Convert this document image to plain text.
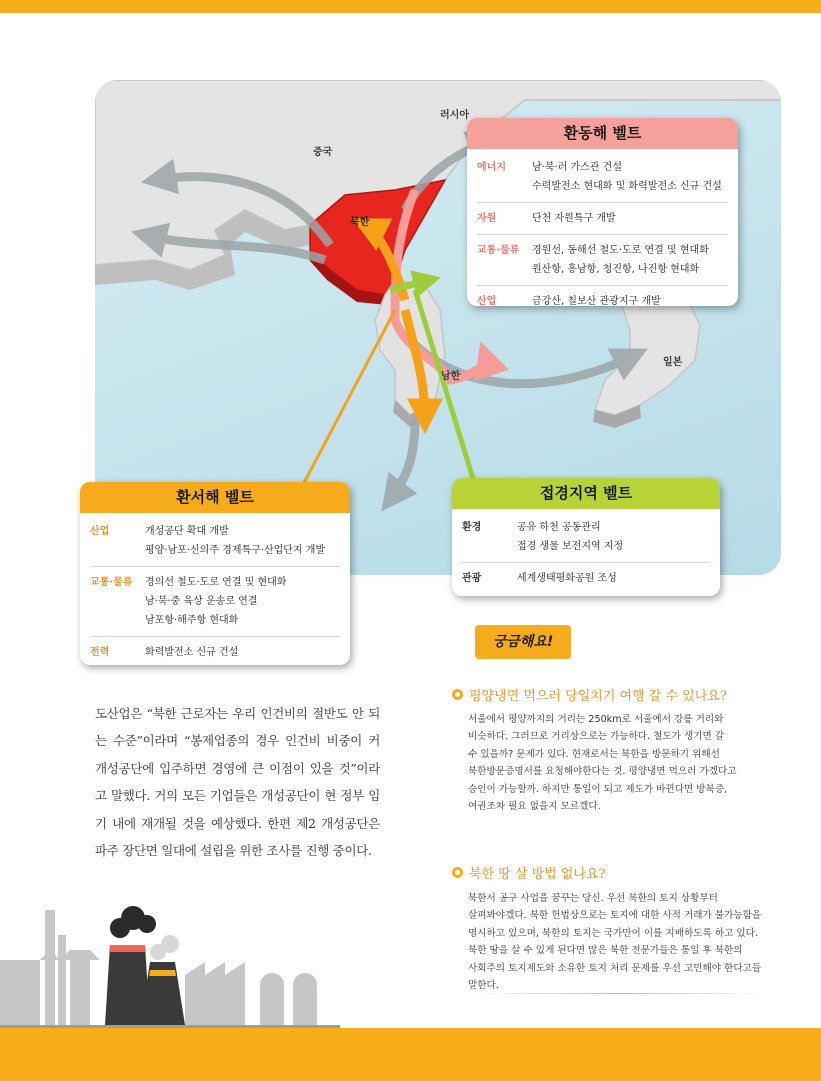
러시아
중국
북한
남한
일본
환동해 벨트
에너지	남·북·러 가스관 건설
수력발전소 현대화 및 화력발전소 신규 건설
자원	단천 자원특구 개발
교통·물류	경원선, 동해선 철도·도로 연결 및 현대화
원산항, 흥남항, 청진항, 나진항 현대화
산업	금강산, 칠보산 관광지구 개발
환서해 벨트
산업	개성공단 확대 개발
평양·남포·신의주 경제특구·산업단지 개발
교통·물류	경의선 철도·도로 연결 및 현대화
남·북·중 육상 운송로 연결
남포항·해주항 현대화
전력	화력발전소 신규 건설
접경지역 벨트
환경	공유 하천 공동관리
접경 생물 보전지역 지정
관광	세계생태평화공원 조성
도산업은 “북한 근로자는 우리 인건비의 절반도 안 되는 수준”이라며 “봉제업종의 경우 인건비 비중이 커 개성공단에 입주하면 경영에 큰 이점이 있을 것”이라고 말했다. 거의 모든 기업들은 개성공단이 현 정부 임기 내에 재개될 것을 예상했다. 한편 제2 개성공단은 파주 장단면 일대에 설립을 위한 조사를 진행 중이다.
궁금해요!
평양냉면 먹으러 당일치기 여행 갈 수 있나요?
서울에서 평양까지의 거리는 250km로 서울에서 강릉 거리와
비슷하다. 그러므로 거리상으로는 가능하다. 철도가 생기면 갈
수 있을까? 문제가 있다. 현재로서는 북한을 방문하기 위해선
북한방문증명서를 요청해야한다는 것. 평양냉면 먹으러 가겠다고
승인이 가능할까. 하지만 통일이 되고 제도가 바뀐다면 방북증,
여권조차 필요 없을지 모르겠다.
북한 땅 살 방법 없나요?
북한서 공구 사업을 꿈꾸는 당신. 우선 북한의 토지 상황부터
살펴봐야겠다. 북한 헌법상으로는 토지에 대한 사적 거래가 불가능함을
명시하고 있으며, 북한의 토지는 국가만이 이를 지배하도록 하고 있다.
북한 땅을 살 수 있게 된다면 많은 북한 전문가들은 통일 후 북한의
사회주의 토지제도와 소유한 토지 처리 문제를 우선 고민해야 한다고들
말한다.
